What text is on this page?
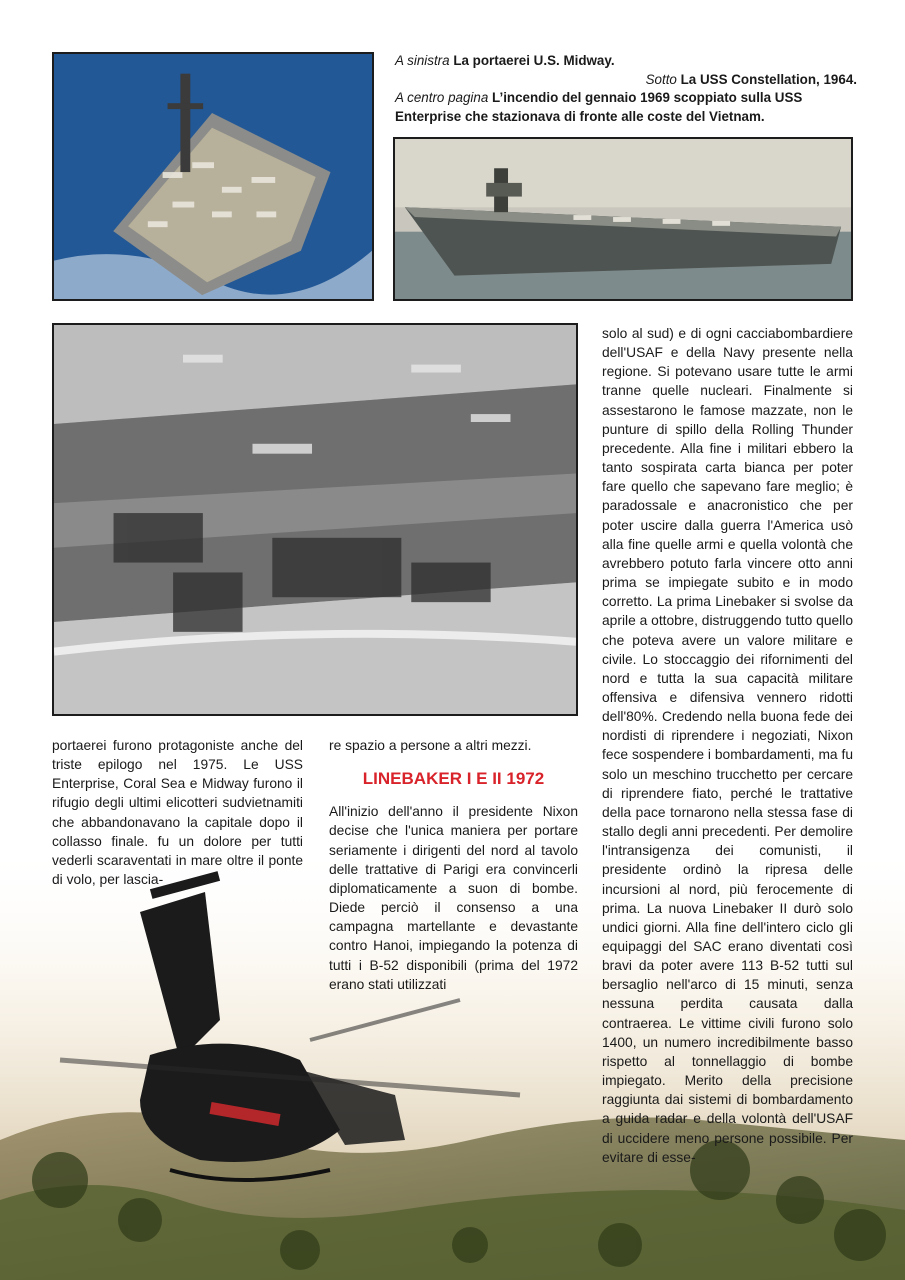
A sinistra La portaerei U.S. Midway.

Sotto La USS Constellation, 1964.

A centro pagina L’incendio del gennaio 1969 scoppiato sulla USS Enterprise che stazionava di fronte alle coste del Vietnam.

portaerei furono protagoniste anche del triste epilogo nel 1975. Le USS Enterprise, Coral Sea e Midway furono il rifugio degli ultimi elicotteri sudvietnamiti che abbandonavano la capitale dopo il collasso finale. fu un dolore per tutti vederli scaraventati in mare oltre il ponte di volo, per lascia-

re spazio a persone a altri mezzi.

LINEBAKER I E II 1972

All'inizio dell'anno il presidente Nixon decise che l'unica maniera per portare seriamente i dirigenti del nord al tavolo delle trattative di Parigi era convincerli diplomaticamente a suon di bombe. Diede perciò il consenso a una campagna martellante e devastante contro Hanoi, impiegando la potenza di tutti i B-52 disponibili (prima del 1972 erano stati utilizzati

solo al sud) e di ogni cacciabombardiere dell'USAF e della Navy presente nella regione. Si potevano usare tutte le armi tranne quelle nucleari. Finalmente si assestarono le famose mazzate, non le punture di spillo della Rolling Thunder precedente. Alla fine i militari ebbero la tanto sospirata carta bianca per poter fare quello che sapevano fare meglio; è paradossale e anacronistico che per poter uscire dalla guerra l'America usò alla fine quelle armi e quella volontà che avrebbero potuto farla vincere otto anni prima se impiegate subito e in modo corretto. La prima Linebaker si svolse da aprile a ottobre, distruggendo tutto quello che poteva avere un valore militare e civile. Lo stoccaggio dei rifornimenti del nord e tutta la sua capacità militare offensiva e difensiva vennero ridotti dell'80%. Credendo nella buona fede dei nordisti di riprendere i negoziati, Nixon fece sospendere i bombardamenti, ma fu solo un meschino trucchetto per cercare di riprendere fiato, perché le trattative della pace tornarono nella stessa fase di stallo degli anni precedenti. Per demolire l'intransigenza dei comunisti, il presidente ordinò la ripresa delle incursioni al nord, più ferocemente di prima. La nuova Linebaker II durò solo undici giorni. Alla fine dell'intero ciclo gli equipaggi del SAC erano diventati così bravi da poter avere 113 B-52 tutti sul bersaglio nell'arco di 15 minuti, senza nessuna perdita causata dalla contraerea. Le vittime civili furono solo 1400, un numero incredibilmente basso rispetto al tonnellaggio di bombe impiegato. Merito della precisione raggiunta dai sistemi di bombardamento a guida radar e della volontà dell'USAF di uccidere meno persone possibile. Per evitare di esse-
